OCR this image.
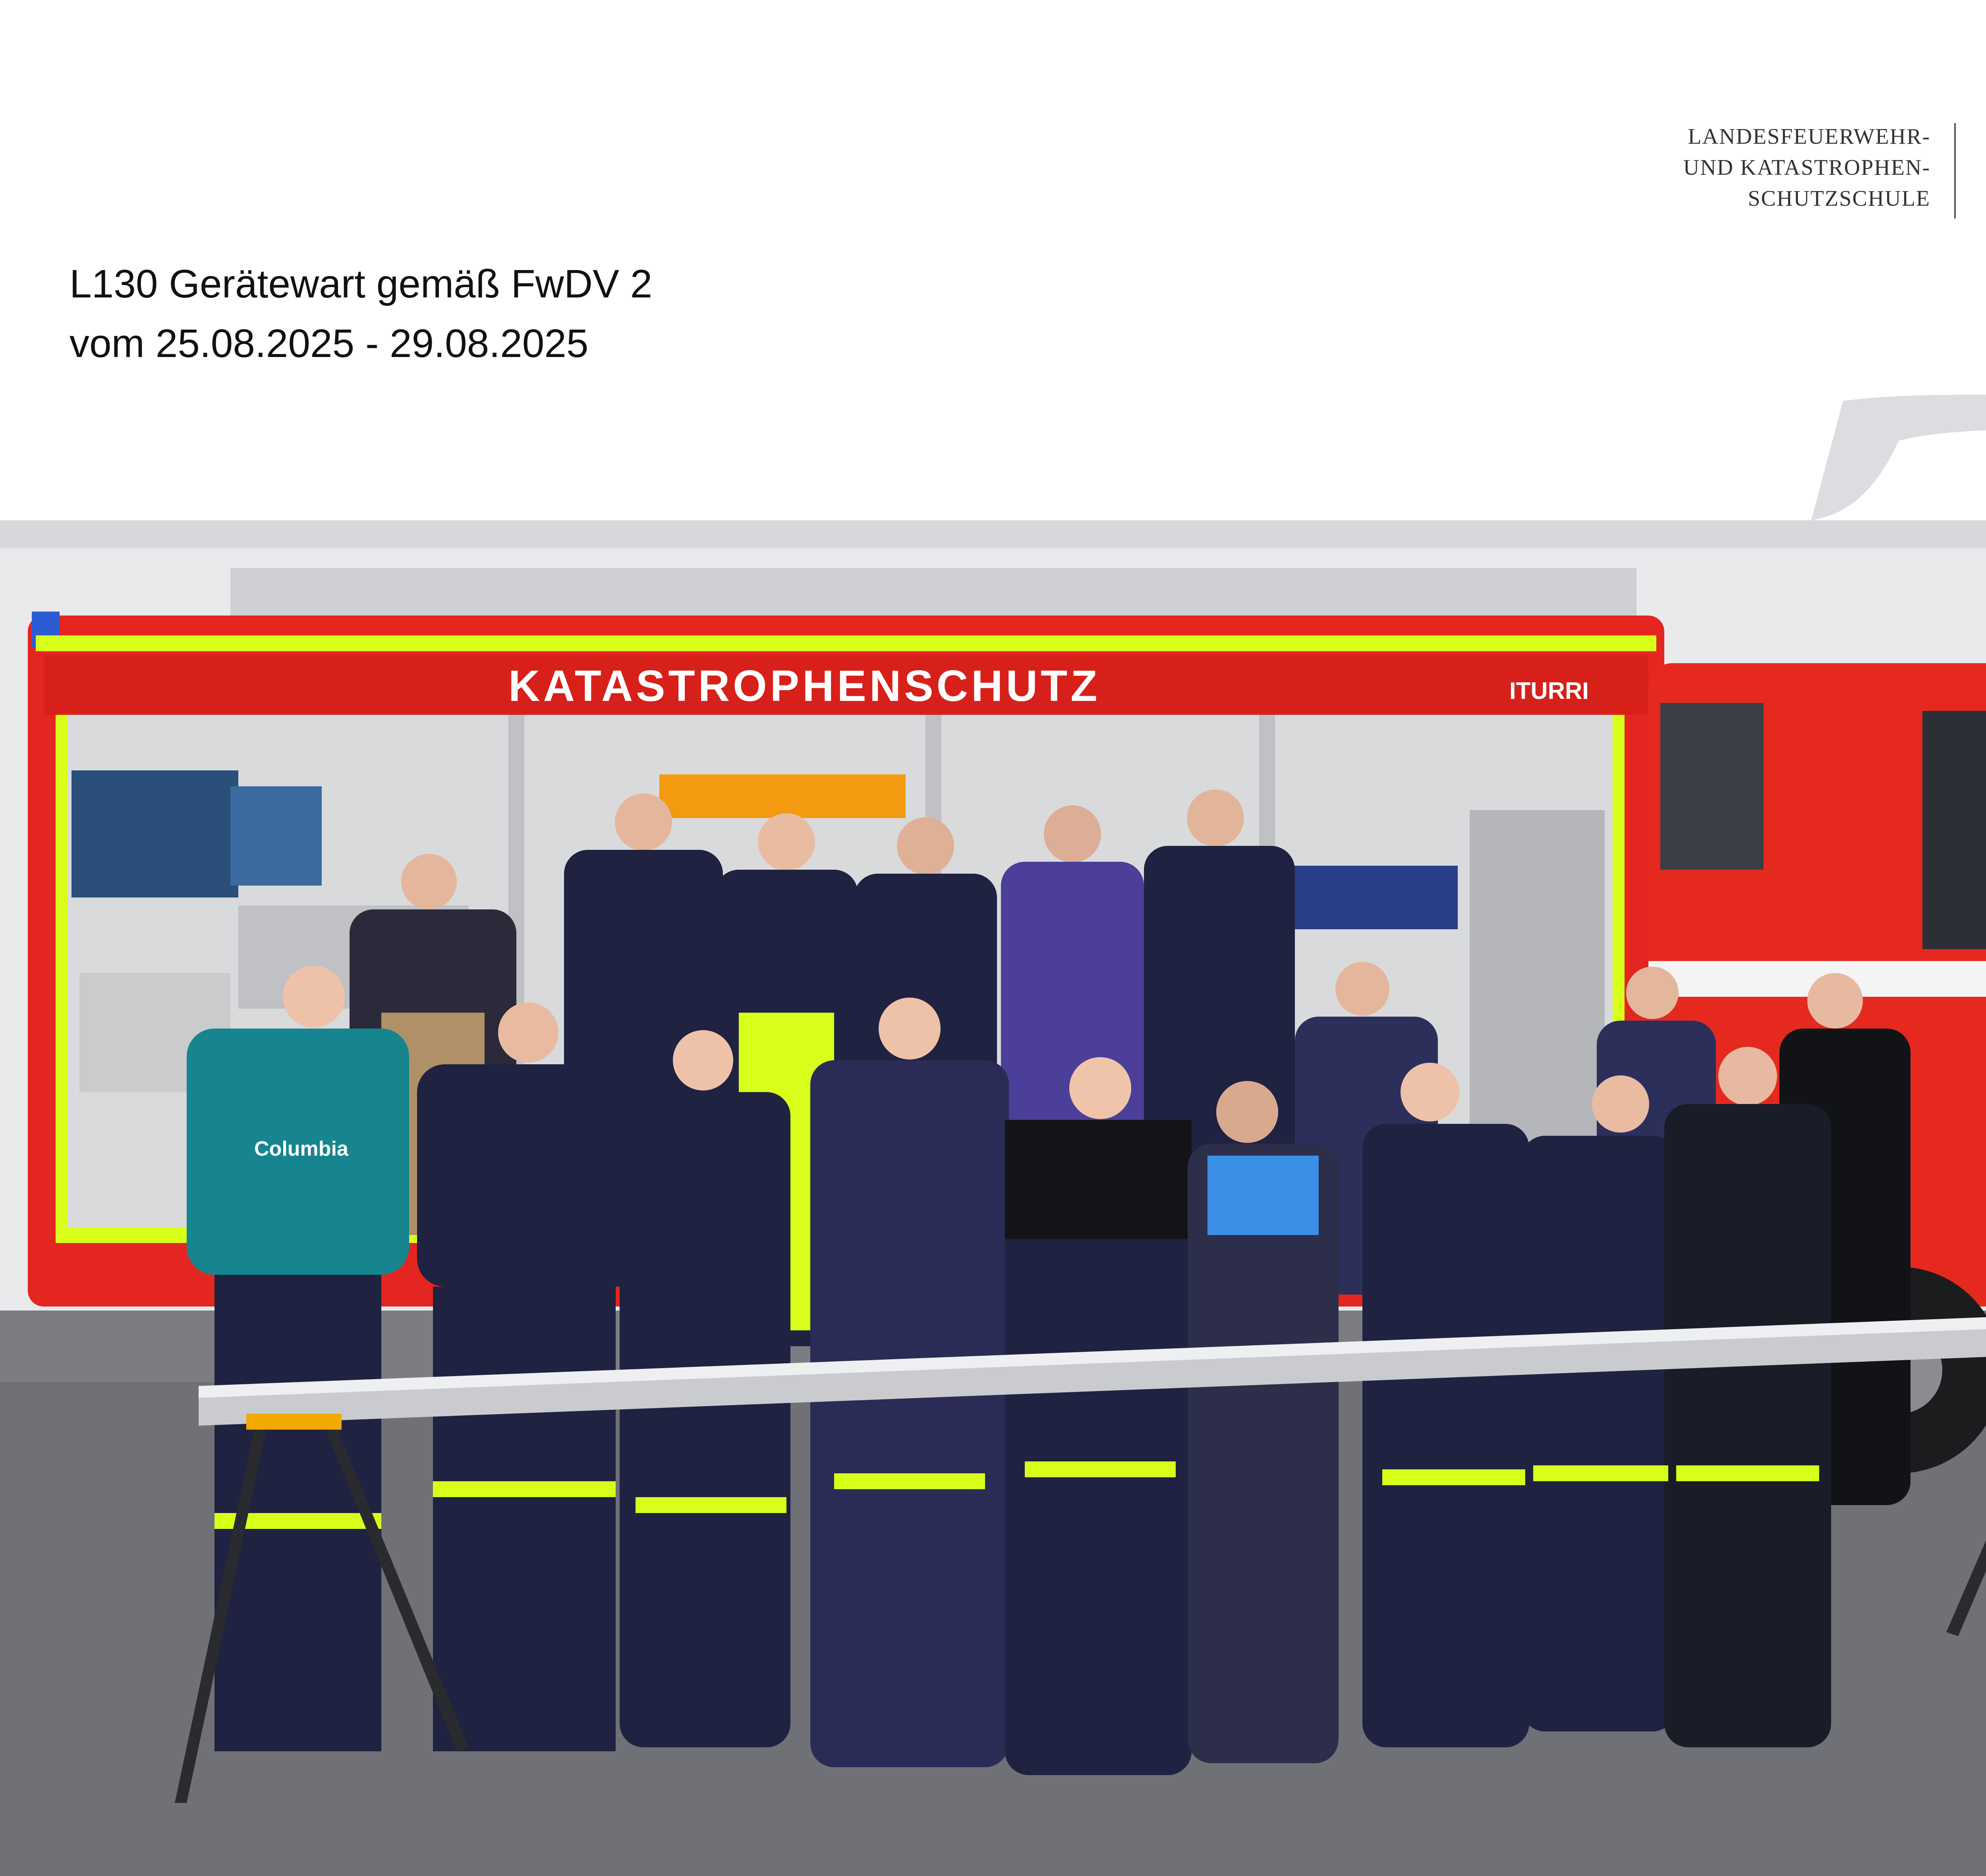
L130 Gerätewart gemäß FwDV 2
vom 25.08.2025 - 29.08.2025
LANDESFEUERWEHR-
UND KATASTROPHEN-
SCHUTZSCHULE
KATASTROPHENSCHUTZ	ITURRI
Columbia
